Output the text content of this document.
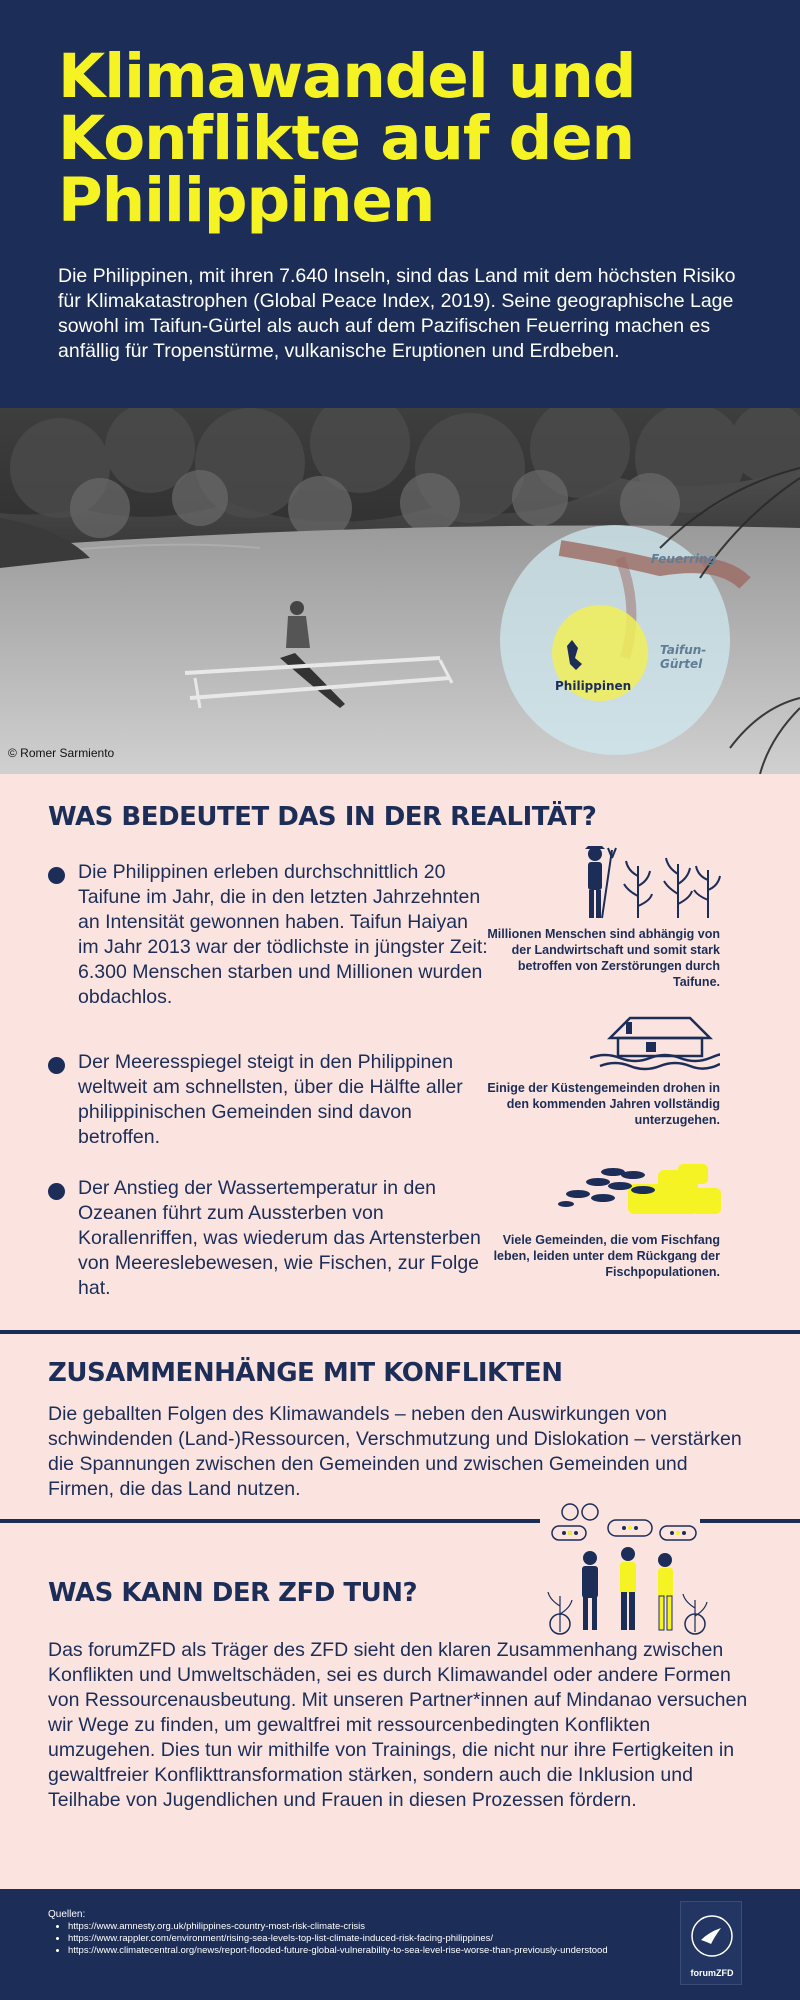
Klimawandel und Konflikte auf den Philippinen

Die Philippinen, mit ihren 7.640 Inseln, sind das Land mit dem höchsten Risiko für Klimakatastrophen (Global Peace Index, 2019). Seine geographische Lage sowohl im Taifun-Gürtel als auch auf dem Pazifischen Feuerring machen es anfällig für Tropenstürme, vulkanische Eruptionen und Erdbeben.

Feuerring
Taifun-
Gürtel
Philippinen
© Romer Sarmiento
WAS BEDEUTET DAS IN DER REALITÄT?
Die Philippinen erleben durchschnittlich 20 Taifune im Jahr, die in den letzten Jahrzehnten an Intensität gewonnen haben. Taifun Haiyan im Jahr 2013 war der tödlichste in jüngster Zeit: 6.300 Menschen starben und Millionen wurden obdachlos.
Der Meeresspiegel steigt in den Philippinen weltweit am schnellsten, über die Hälfte aller philippinischen Gemeinden sind davon betroffen.
Der Anstieg der Wassertemperatur in den Ozeanen führt zum Aussterben von Korallenriffen, was wiederum das Artensterben von Meereslebewesen, wie Fischen, zur Folge hat.
Millionen Menschen sind abhängig von der Landwirtschaft und somit stark betroffen von Zerstörungen durch Taifune.
Einige der Küstengemeinden drohen in den kommenden Jahren vollständig unterzugehen.
Viele Gemeinden, die vom Fischfang leben, leiden unter dem Rückgang der Fischpopulationen.
ZUSAMMENHÄNGE MIT KONFLIKTEN

Die geballten Folgen des Klimawandels – neben den Auswirkungen von schwindenden (Land-)Ressourcen, Verschmutzung und Dislokation – verstärken die Spannungen zwischen den Gemeinden und zwischen Gemeinden und Firmen, die das Land nutzen.

WAS KANN DER ZFD TUN?

Das forumZFD als Träger des ZFD sieht den klaren Zusammenhang zwischen Konflikten und Umweltschäden, sei es durch Klimawandel oder andere Formen von Ressourcenausbeutung. Mit unseren Partner*innen auf Mindanao versuchen wir Wege zu finden, um gewaltfrei mit ressourcenbedingten Konflikten umzugehen. Dies tun wir mithilfe von Trainings, die nicht nur ihre Fertigkeiten in gewaltfreier Konflikttransformation stärken, sondern auch die Inklusion und Teilhabe von Jugendlichen und Frauen in diesen Prozessen fördern.

Quellen:
• https://www.amnesty.org.uk/philippines-country-most-risk-climate-crisis
• https://www.rappler.com/environment/rising-sea-levels-top-list-climate-induced-risk-facing-philippines/
• https://www.climatecentral.org/news/report-flooded-future-global-vulnerability-to-sea-level-rise-worse-than-previously-understood
forumZFD
